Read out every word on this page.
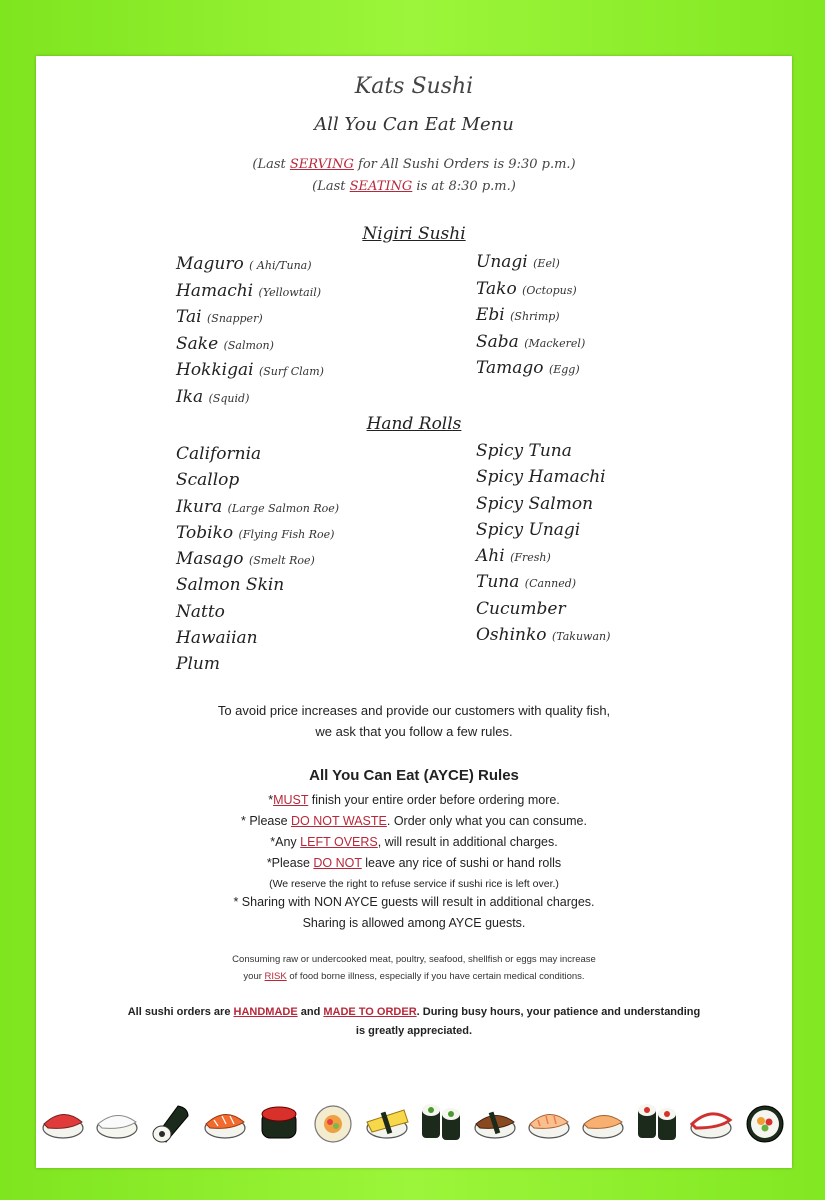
Kats Sushi
All You Can Eat Menu
(Last SERVING for All Sushi Orders is 9:30 p.m.)
(Last SEATING is at 8:30 p.m.)
Nigiri Sushi
Maguro ( Ahi/Tuna)
Hamachi (Yellowtail)
Tai (Snapper)
Sake (Salmon)
Hokkigai (Surf Clam)
Ika (Squid)
Unagi (Eel)
Tako (Octopus)
Ebi (Shrimp)
Saba (Mackerel)
Tamago (Egg)
Hand Rolls
California
Scallop
Ikura (Large Salmon Roe)
Tobiko (Flying Fish Roe)
Masago (Smelt Roe)
Salmon Skin
Natto
Hawaiian
Plum
Spicy Tuna
Spicy Hamachi
Spicy Salmon
Spicy Unagi
Ahi (Fresh)
Tuna (Canned)
Cucumber
Oshinko (Takuwan)
To avoid price increases and provide our customers with quality fish,
we ask that you follow a few rules.
All You Can Eat (AYCE) Rules
*MUST finish your entire order before ordering more.
* Please DO NOT WASTE. Order only what you can consume.
*Any LEFT OVERS, will result in additional charges.
*Please DO NOT leave any rice of sushi or hand rolls
(We reserve the right to refuse service if sushi rice is left over.)
* Sharing with NON AYCE guests will result in additional charges.
Sharing is allowed among AYCE guests.
Consuming raw or undercooked meat, poultry, seafood, shellfish or eggs may increase
your RISK of food borne illness, especially if you have certain medical conditions.
All sushi orders are HANDMADE and MADE TO ORDER. During busy hours, your patience and understanding
is greatly appreciated.
